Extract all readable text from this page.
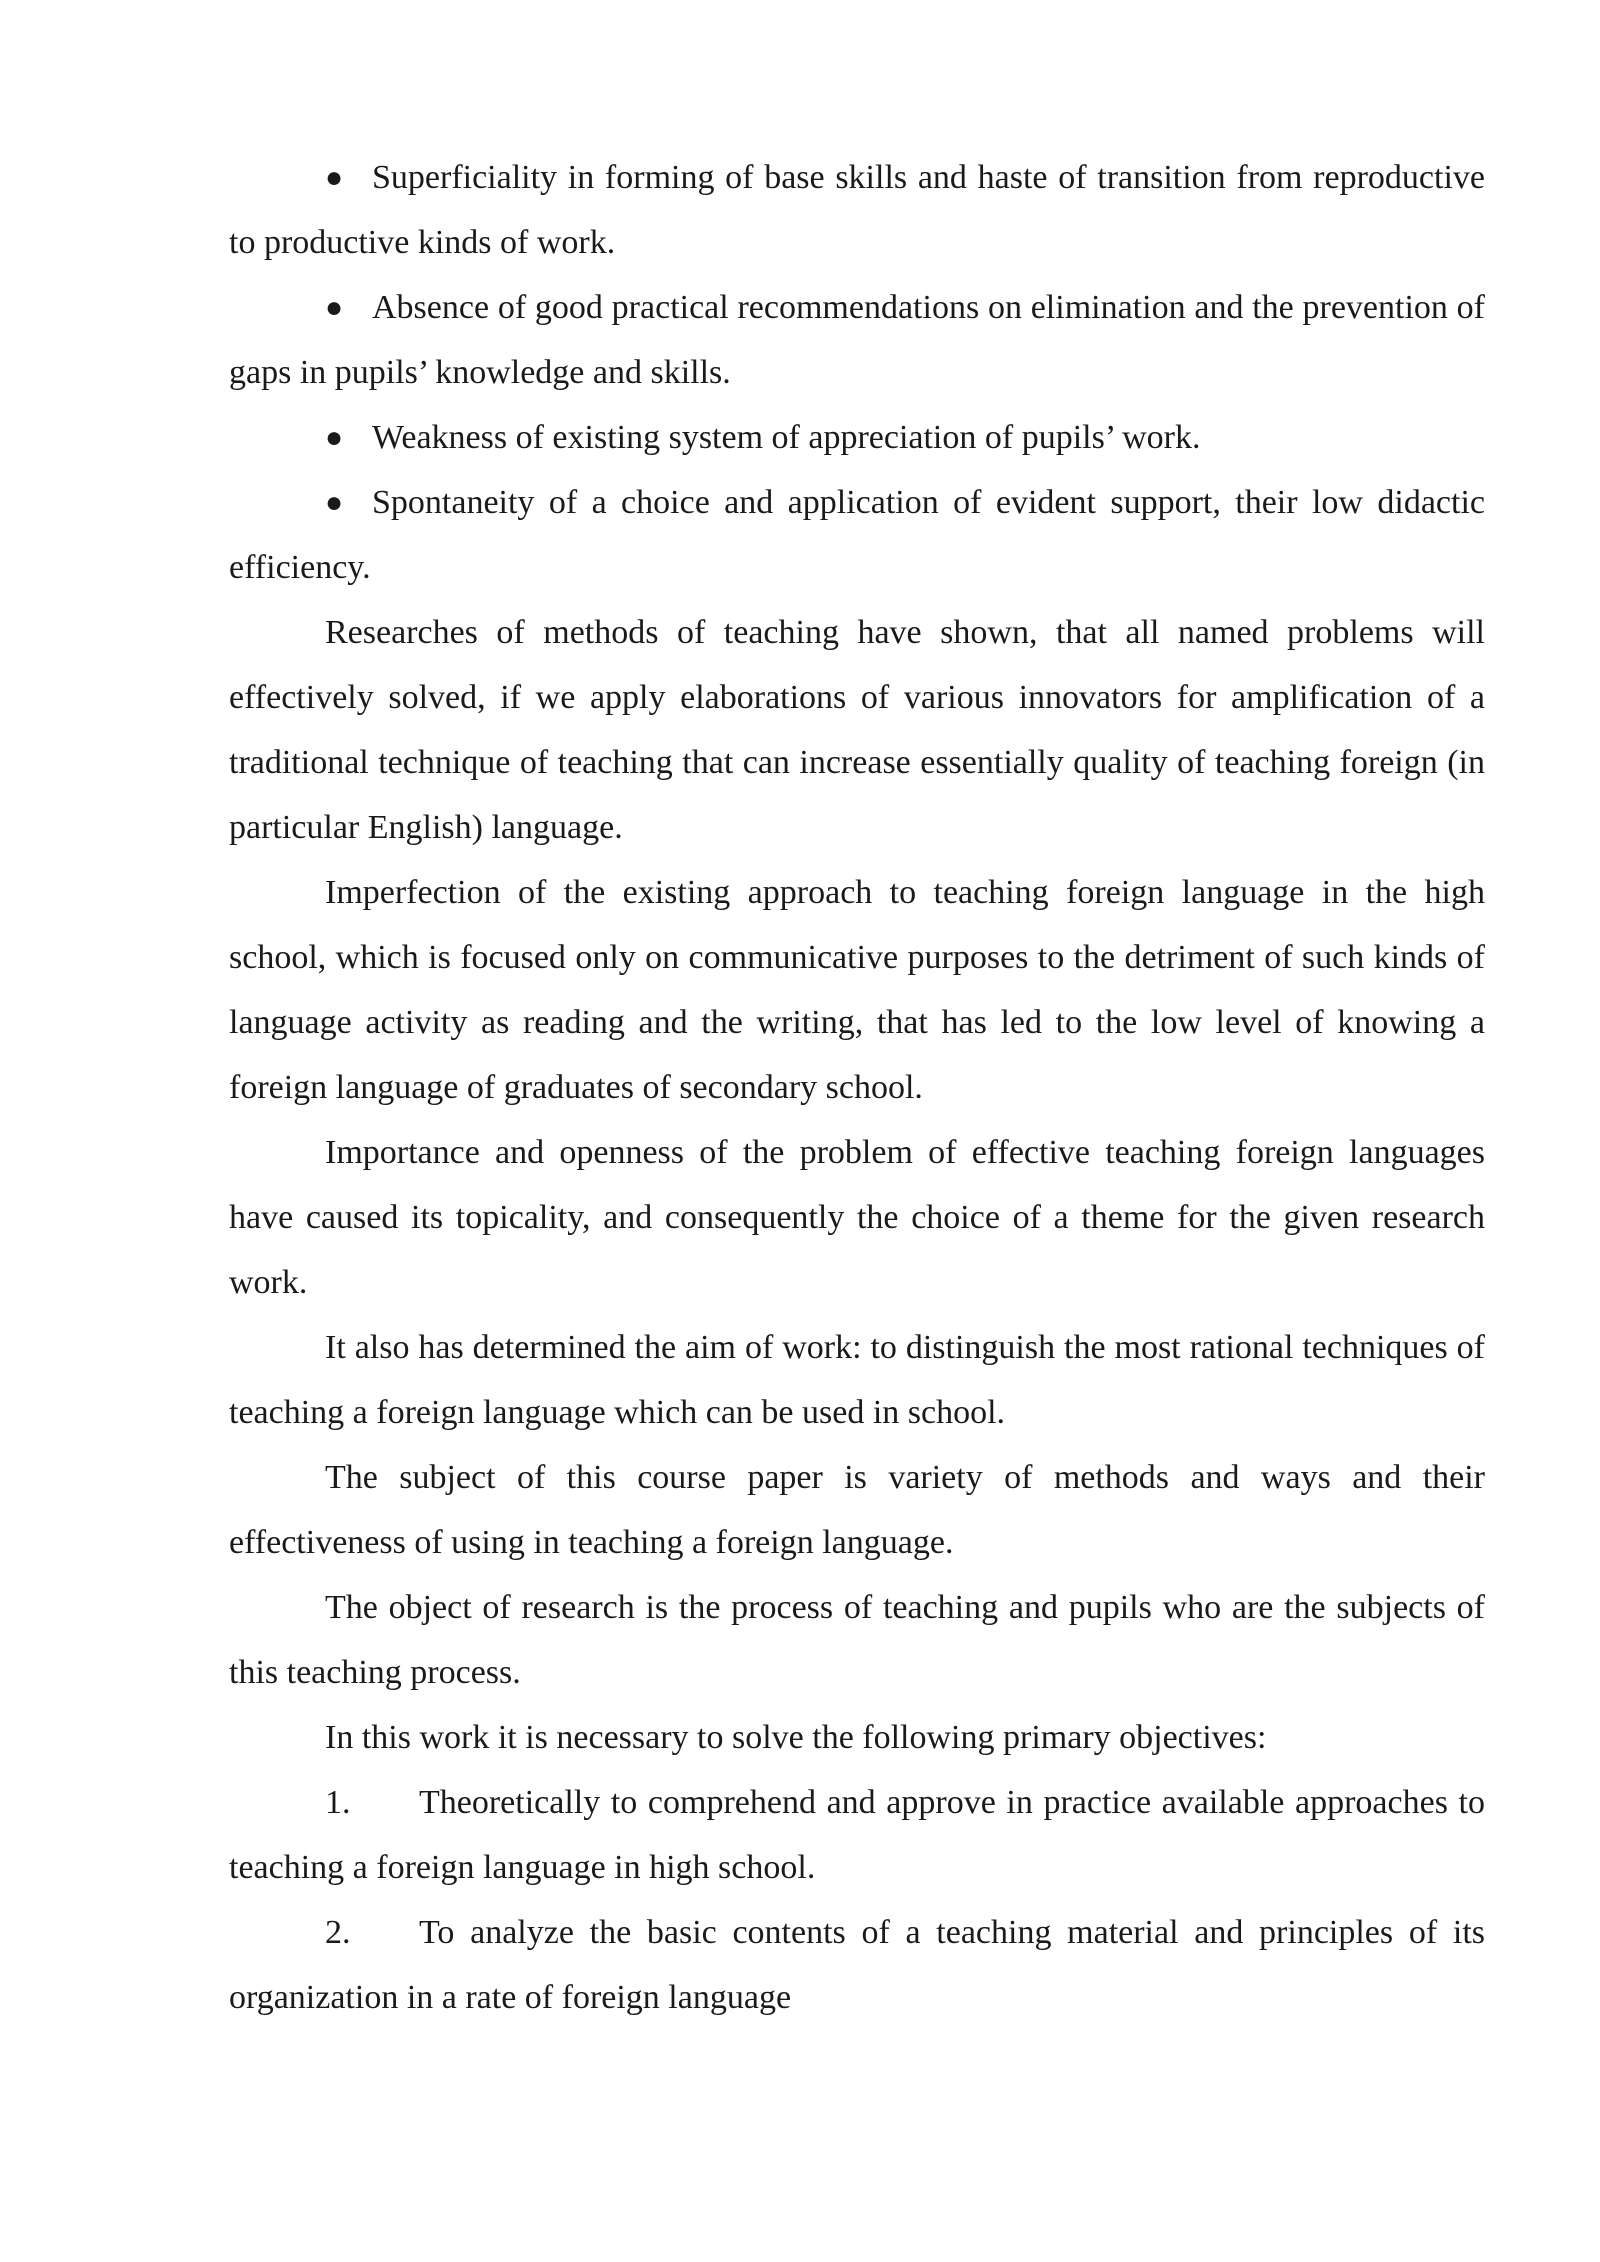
● Superficiality in forming of base skills and haste of transition from reproductive to productive kinds of work.

● Absence of good practical recommendations on elimination and the prevention of gaps in pupils’ knowledge and skills.

● Weakness of existing system of appreciation of pupils’ work.

● Spontaneity of a choice and application of evident support, their low didactic efficiency.

Researches of methods of teaching have shown, that all named problems will effectively solved, if we apply elaborations of various innovators for amplification of a traditional technique of teaching that can increase essentially quality of teaching foreign (in particular English) language.

Imperfection of the existing approach to teaching foreign language in the high school, which is focused only on communicative purposes to the detriment of such kinds of language activity as reading and the writing, that has led to the low level of knowing a foreign language of graduates of secondary school.

Importance and openness of the problem of effective teaching foreign languages have caused its topicality, and consequently the choice of a theme for the given research work.

It also has determined the aim of work: to distinguish the most rational techniques of teaching a foreign language which can be used in school.

The subject of this course paper is variety of methods and ways and their effectiveness of using in teaching a foreign language.

The object of research is the process of teaching and pupils who are the subjects of this teaching process.

In this work it is necessary to solve the following primary objectives:

1. Theoretically to comprehend and approve in practice available approaches to teaching a foreign language in high school.

2. To analyze the basic contents of a teaching material and principles of its organization in a rate of foreign language
